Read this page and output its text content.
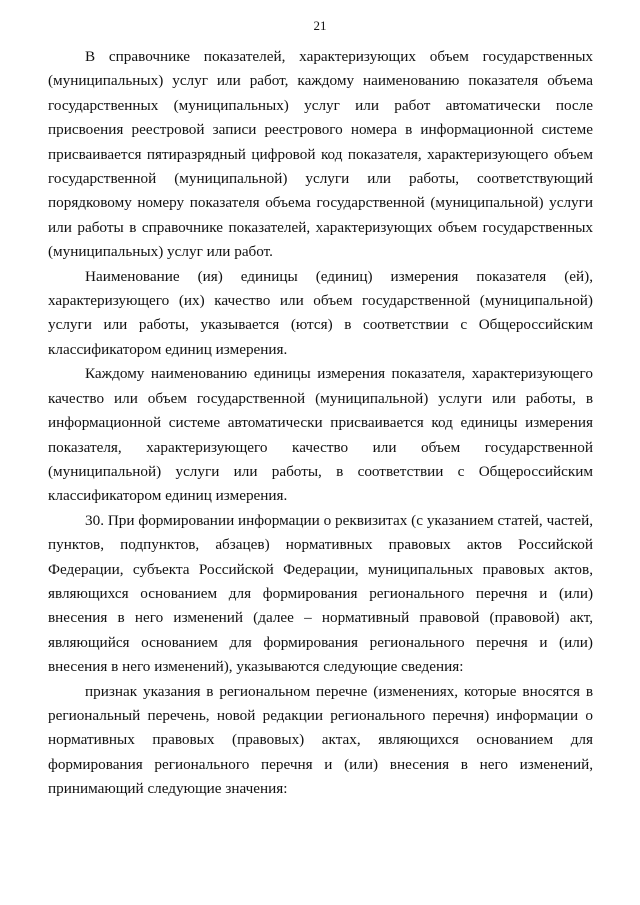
21

В справочнике показателей, характеризующих объем государственных (муниципальных) услуг или работ, каждому наименованию показателя объема государственных (муниципальных) услуг или работ автоматически после присвоения реестровой записи реестрового номера в информационной системе присваивается пятиразрядный цифровой код показателя, характеризующего объем государственной (муниципальной) услуги или работы, соответствующий порядковому номеру показателя объема государственной (муниципальной) услуги или работы в справочнике показателей, характеризующих объем государственных (муниципальных) услуг или работ.

Наименование (ия) единицы (единиц) измерения показателя (ей), характеризующего (их) качество или объем государственной (муниципальной) услуги или работы, указывается (ются) в соответствии с Общероссийским классификатором единиц измерения.

Каждому наименованию единицы измерения показателя, характеризующего качество или объем государственной (муниципальной) услуги или работы, в информационной системе автоматически присваивается код единицы измерения показателя, характеризующего качество или объем государственной (муниципальной) услуги или работы, в соответствии с Общероссийским классификатором единиц измерения.

30. При формировании информации о реквизитах (с указанием статей, частей, пунктов, подпунктов, абзацев) нормативных правовых актов Российской Федерации, субъекта Российской Федерации, муниципальных правовых актов, являющихся основанием для формирования регионального перечня и (или) внесения в него изменений (далее – нормативный правовой (правовой) акт, являющийся основанием для формирования регионального перечня и (или) внесения в него изменений), указываются следующие сведения:

признак указания в региональном перечне (изменениях, которые вносятся в региональный перечень, новой редакции регионального перечня) информации о нормативных правовых (правовых) актах, являющихся основанием для формирования регионального перечня и (или) внесения в него изменений, принимающий следующие значения:
